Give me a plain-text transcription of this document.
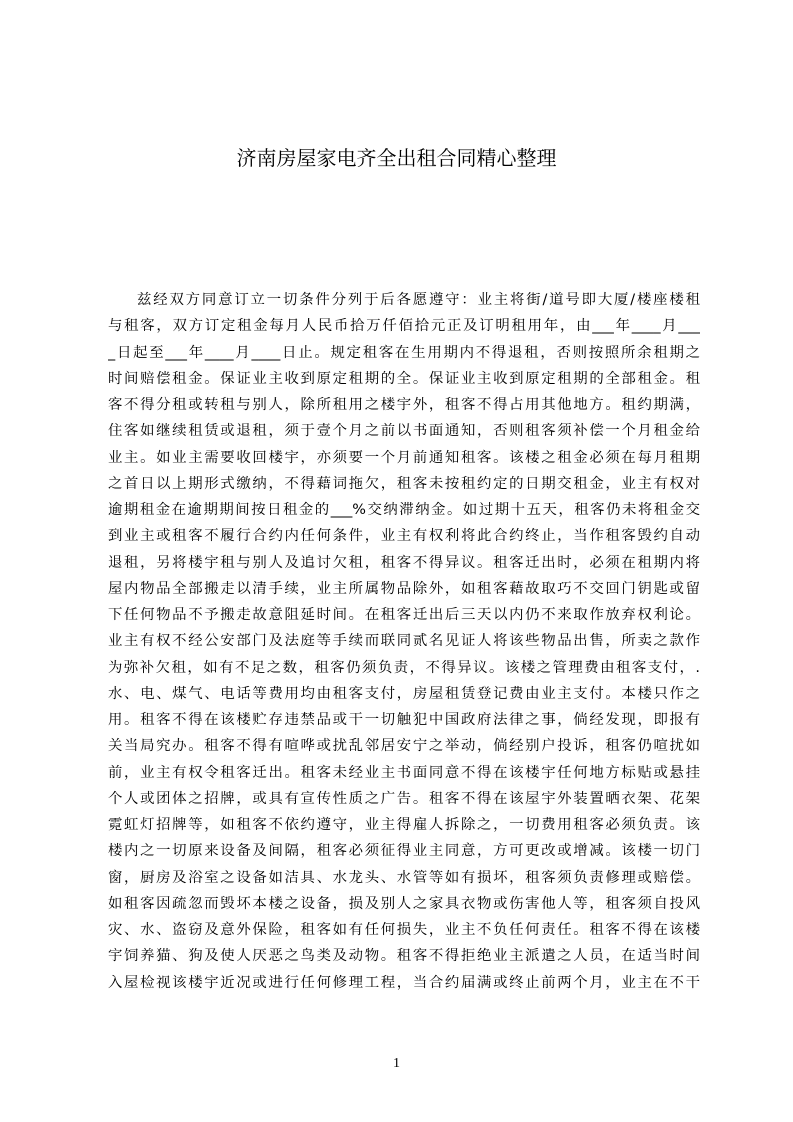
济南房屋家电齐全出租合同精心整理
兹经双方同意订立一切条件分列于后各愿遵守：业主将街/道号即大厦/楼座楼租
与租客，双方订定租金每月人民币拾万仟佰拾元正及订明租用年，由___年____月___
_日起至___年____月____日止。规定租客在生用期内不得退租，否则按照所余租期之
时间赔偿租金。保证业主收到原定租期的全。保证业主收到原定租期的全部租金。租
客不得分租或转租与别人，除所租用之楼宇外，租客不得占用其他地方。租约期满，
住客如继续租赁或退租，须于壹个月之前以书面通知，否则租客须补偿一个月租金给
业主。如业主需要收回楼宇，亦须要一个月前通知租客。该楼之租金必须在每月租期
之首日以上期形式缴纳，不得藉词拖欠，租客未按租约定的日期交租金，业主有权对
逾期租金在逾期期间按日租金的___%交纳滞纳金。如过期十五天，租客仍未将租金交
到业主或租客不履行合约内任何条件，业主有权利将此合约终止，当作租客毁约自动
退租，另将楼宇租与别人及追讨欠租，租客不得异议。租客迁出时，必须在租期内将
屋内物品全部搬走以清手续，业主所属物品除外，如租客藉故取巧不交回门钥匙或留
下任何物品不予搬走故意阻延时间。在租客迁出后三天以内仍不来取作放弃权利论。
业主有权不经公安部门及法庭等手续而联同贰名见证人将该些物品出售，所卖之款作
为弥补欠租，如有不足之数，租客仍须负责，不得异议。该楼之管理费由租客支付，.
水、电、煤气、电话等费用均由租客支付，房屋租赁登记费由业主支付。本楼只作之
用。租客不得在该楼贮存违禁品或干一切触犯中国政府法律之事，倘经发现，即报有
关当局究办。租客不得有喧哗或扰乱邻居安宁之举动，倘经别户投诉，租客仍喧扰如
前，业主有权令租客迁出。租客未经业主书面同意不得在该楼宇任何地方标贴或悬挂
个人或团体之招牌，或具有宣传性质之广告。租客不得在该屋宇外装置晒衣架、花架
霓虹灯招牌等，如租客不依约遵守，业主得雇人拆除之，一切费用租客必须负责。该
楼内之一切原来设备及间隔，租客必须征得业主同意，方可更改或增减。该楼一切门
窗，厨房及浴室之设备如洁具、水龙头、水管等如有损坏，租客须负责修理或赔偿。
如租客因疏忽而毁坏本楼之设备，损及别人之家具衣物或伤害他人等，租客须自投风
灾、水、盗窃及意外保险，租客如有任何损失，业主不负任何责任。租客不得在该楼
宇饲养猫、狗及使人厌恶之鸟类及动物。租客不得拒绝业主派遣之人员，在适当时间
入屋检视该楼宇近况或进行任何修理工程，当合约届满或终止前两个月，业主在不干
1
